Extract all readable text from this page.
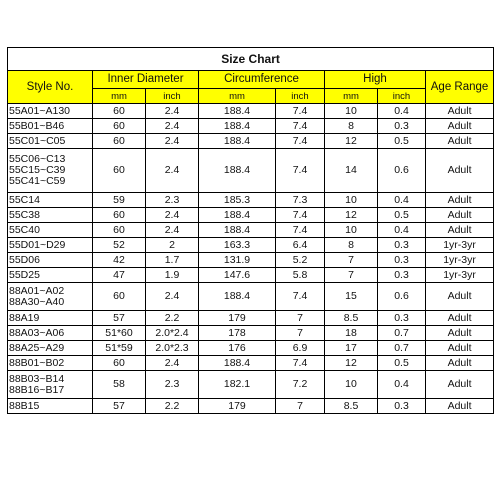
Size Chart							
Style No.	Inner Diameter		Circumference		High		Age Range
	mm	inch	mm	inch	mm	inch	

55A01~A130	60	2.4	188.4	7.4	10	0.4	Adult

55B01~B46	60	2.4	188.4	7.4	8	0.3	Adult

55C01~C05	60	2.4	188.4	7.4	12	0.5	Adult

55C06~C13
55C15~C39
55C41~C59	60	2.4	188.4	7.4	14	0.6	Adult

55C14	59	2.3	185.3	7.3	10	0.4	Adult

55C38	60	2.4	188.4	7.4	12	0.5	Adult

55C40	60	2.4	188.4	7.4	10	0.4	Adult

55D01~D29	52	2	163.3	6.4	8	0.3	1yr-3yr

55D06	42	1.7	131.9	5.2	7	0.3	1yr-3yr

55D25	47	1.9	147.6	5.8	7	0.3	1yr-3yr

88A01~A02
88A30~A40	60	2.4	188.4	7.4	15	0.6	Adult

88A19	57	2.2	179	7	8.5	0.3	Adult

88A03~A06	51*60	2.0*2.4	178	7	18	0.7	Adult

88A25~A29	51*59	2.0*2.3	176	6.9	17	0.7	Adult

88B01~B02	60	2.4	188.4	7.4	12	0.5	Adult

88B03~B14
88B16~B17	58	2.3	182.1	7.2	10	0.4	Adult

88B15	57	2.2	179	7	8.5	0.3	Adult
